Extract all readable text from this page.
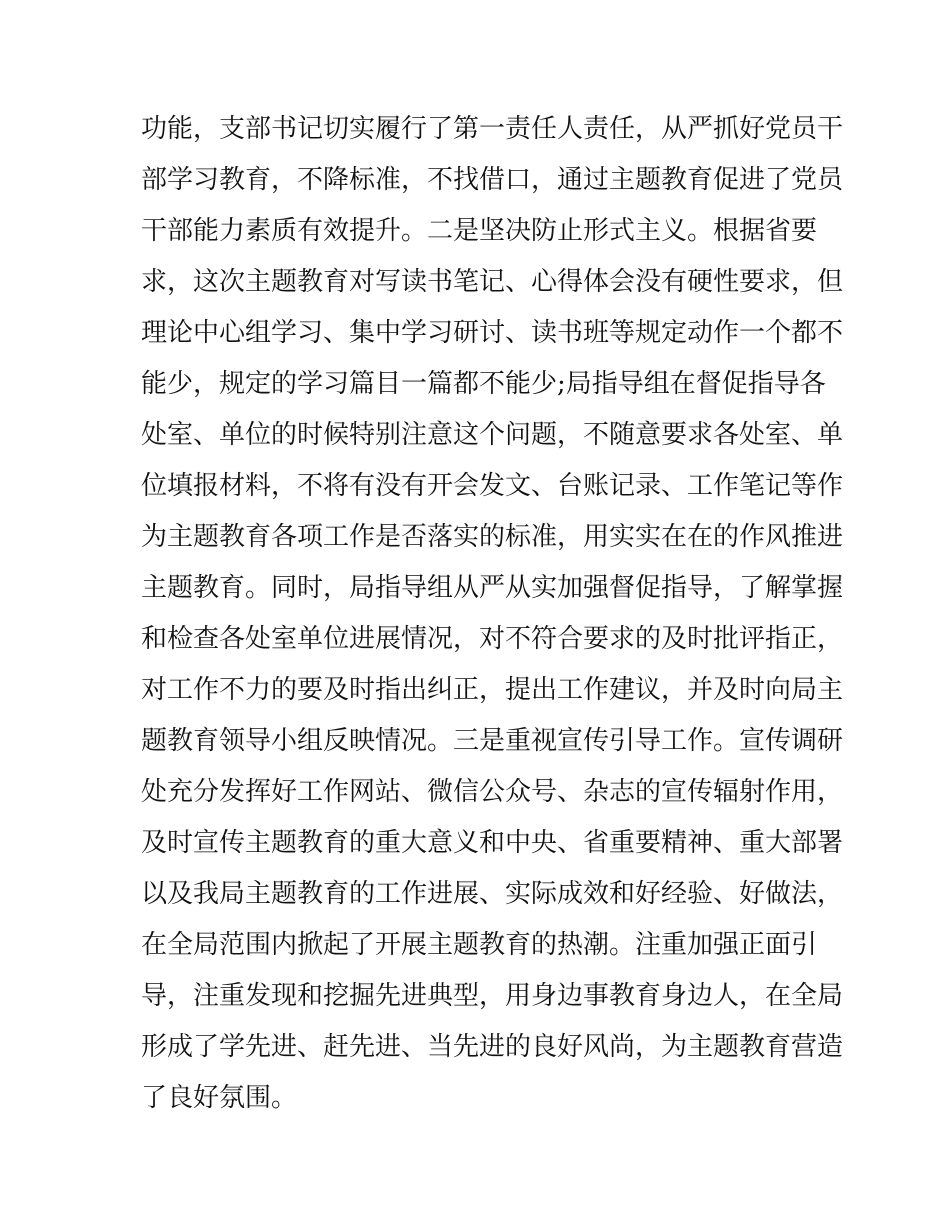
功能，支部书记切实履行了第一责任人责任，从严抓好党员干
部学习教育，不降标准，不找借口，通过主题教育促进了党员
干部能力素质有效提升。二是坚决防止形式主义。根据省要
求，这次主题教育对写读书笔记、心得体会没有硬性要求，但
理论中心组学习、集中学习研讨、读书班等规定动作一个都不
能少，规定的学习篇目一篇都不能少;局指导组在督促指导各
处室、单位的时候特别注意这个问题，不随意要求各处室、单
位填报材料，不将有没有开会发文、台账记录、工作笔记等作
为主题教育各项工作是否落实的标准，用实实在在的作风推进
主题教育。同时，局指导组从严从实加强督促指导，了解掌握
和检查各处室单位进展情况，对不符合要求的及时批评指正，
对工作不力的要及时指出纠正，提出工作建议，并及时向局主
题教育领导小组反映情况。三是重视宣传引导工作。宣传调研
处充分发挥好工作网站、微信公众号、杂志的宣传辐射作用，
及时宣传主题教育的重大意义和中央、省重要精神、重大部署
以及我局主题教育的工作进展、实际成效和好经验、好做法，
在全局范围内掀起了开展主题教育的热潮。注重加强正面引
导，注重发现和挖掘先进典型，用身边事教育身边人，在全局
形成了学先进、赶先进、当先进的良好风尚，为主题教育营造
了良好氛围。
